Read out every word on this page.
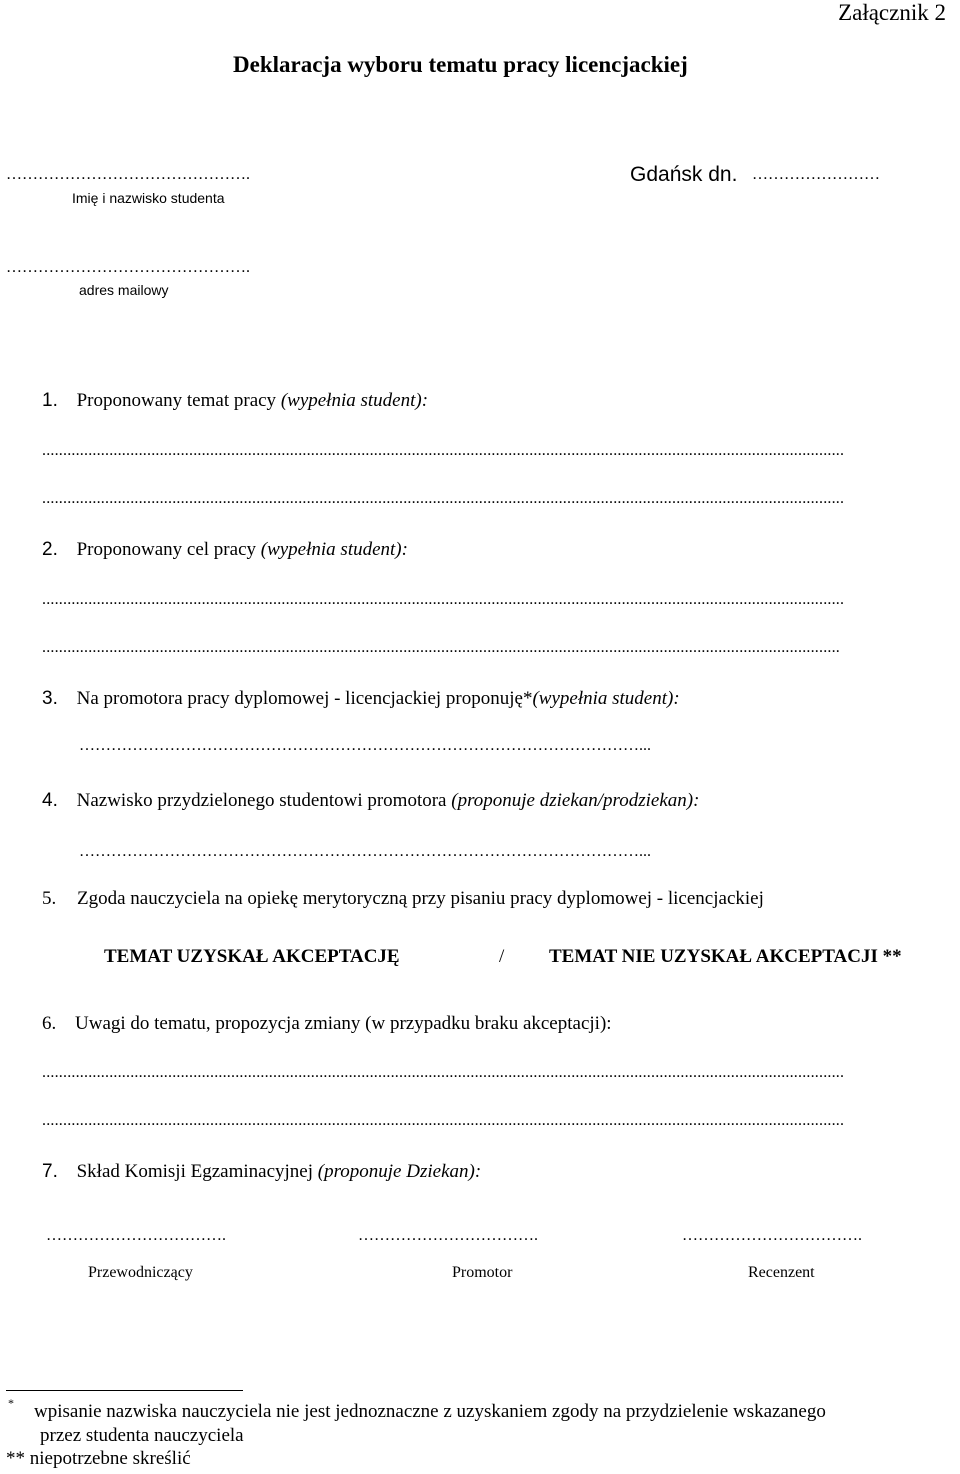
Załącznik 2
Deklaracja wyboru tematu pracy licencjackiej
……………………………………….
Imię i nazwisko studenta
Gdańsk dn. ……………………
……………………………………….
adres mailowy
1. Proponowany temat pracy (wypełnia student):
...............................................................................................................................................................................................
...............................................................................................................................................................................................
2. Proponowany cel pracy (wypełnia student):
...............................................................................................................................................................................................
..............................................................................................................................................................................................
3. Na promotora pracy dyplomowej - licencjackiej proponuję*(wypełnia student):
……………………………………………………………………………………………...
4. Nazwisko przydzielonego studentowi promotora (proponuje dziekan/prodziekan):
……………………………………………………………………………………………...
5. Zgoda nauczyciela na opiekę merytoryczną przy pisaniu pracy dyplomowej - licencjackiej
TEMAT UZYSKAŁ AKCEPTACJĘ	/ TEMAT NIE UZYSKAŁ AKCEPTACJI **
6. Uwagi do tematu, propozycja zmiany (w przypadku braku akceptacji):
...............................................................................................................................................................................................
...............................................................................................................................................................................................
7. Skład Komisji Egzaminacyjnej (proponuje Dziekan):
…………………………….	…………………………….	…………………………….
Przewodniczący	Promotor	Recenzent
* wpisanie nazwiska nauczyciela nie jest jednoznaczne z uzyskaniem zgody na przydzielenie wskazanego
przez studenta nauczyciela
** niepotrzebne skreślić
